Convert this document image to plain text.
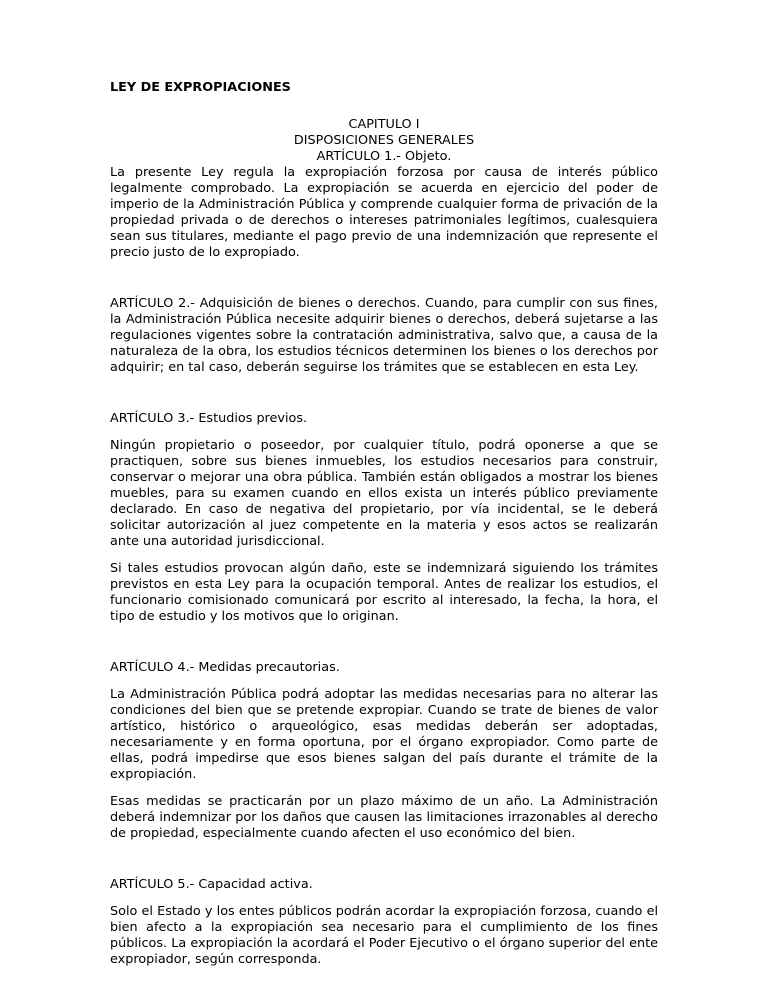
LEY DE EXPROPIACIONES
CAPITULO I
DISPOSICIONES GENERALES
ARTÍCULO 1.- Objeto.

La presente Ley regula la expropiación forzosa por causa de interés público legalmente comprobado. La expropiación se acuerda en ejercicio del poder de imperio de la Administración Pública y comprende cualquier forma de privación de la propiedad privada o de derechos o intereses patrimoniales legítimos, cualesquiera sean sus titulares, mediante el pago previo de una indemnización que represente el precio justo de lo expropiado.

ARTÍCULO 2.- Adquisición de bienes o derechos. Cuando, para cumplir con sus fines, la Administración Pública necesite adquirir bienes o derechos, deberá sujetarse a las regulaciones vigentes sobre la contratación administrativa, salvo que, a causa de la naturaleza de la obra, los estudios técnicos determinen los bienes o los derechos por adquirir; en tal caso, deberán seguirse los trámites que se establecen en esta Ley.

ARTÍCULO 3.- Estudios previos.

Ningún propietario o poseedor, por cualquier título, podrá oponerse a que se practiquen, sobre sus bienes inmuebles, los estudios necesarios para construir, conservar o mejorar una obra pública. También están obligados a mostrar los bienes muebles, para su examen cuando en ellos exista un interés público previamente declarado. En caso de negativa del propietario, por vía incidental, se le deberá solicitar autorización al juez competente en la materia y esos actos se realizarán ante una autoridad jurisdiccional.

Si tales estudios provocan algún daño, este se indemnizará siguiendo los trámites previstos en esta Ley para la ocupación temporal. Antes de realizar los estudios, el funcionario comisionado comunicará por escrito al interesado, la fecha, la hora, el tipo de estudio y los motivos que lo originan.

ARTÍCULO 4.- Medidas precautorias.

La Administración Pública podrá adoptar las medidas necesarias para no alterar las condiciones del bien que se pretende expropiar. Cuando se trate de bienes de valor artístico, histórico o arqueológico, esas medidas deberán ser adoptadas, necesariamente y en forma oportuna, por el órgano expropiador. Como parte de ellas, podrá impedirse que esos bienes salgan del país durante el trámite de la expropiación.

Esas medidas se practicarán por un plazo máximo de un año. La Administración deberá indemnizar por los daños que causen las limitaciones irrazonables al derecho de propiedad, especialmente cuando afecten el uso económico del bien.

ARTÍCULO 5.- Capacidad activa.

Solo el Estado y los entes públicos podrán acordar la expropiación forzosa, cuando el bien afecto a la expropiación sea necesario para el cumplimiento de los fines públicos. La expropiación la acordará el Poder Ejecutivo o el órgano superior del ente expropiador, según corresponda.
